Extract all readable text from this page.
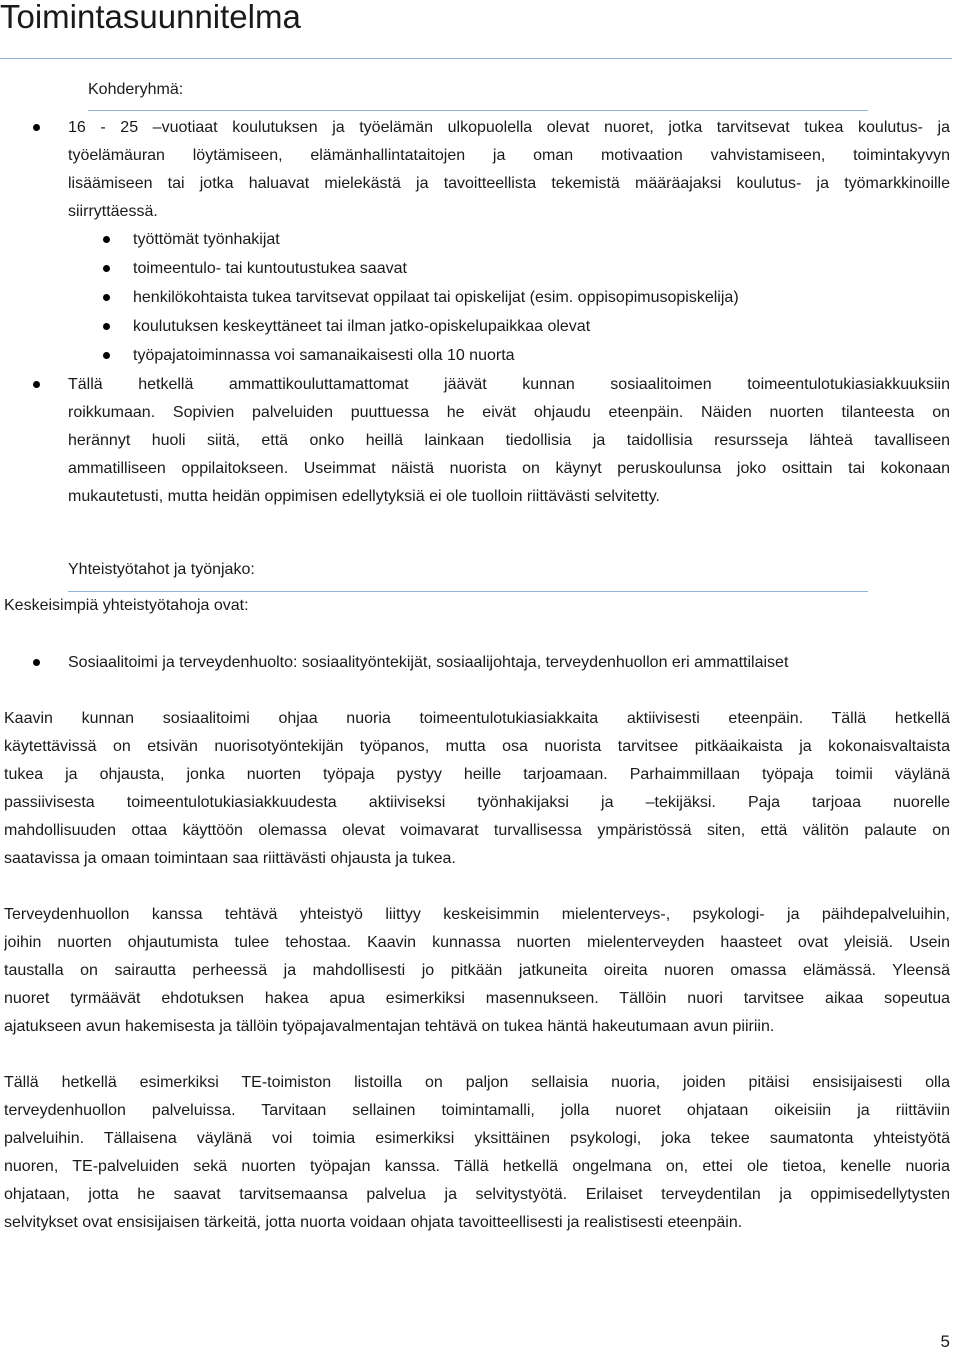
Toimintasuunnitelma
Kohderyhmä:
16 - 25 –vuotiaat koulutuksen ja työelämän ulkopuolella olevat nuoret, jotka tarvitsevat tukea koulutus- ja
työelämäuran löytämiseen, elämänhallintataitojen ja oman motivaation vahvistamiseen, toimintakyvyn
lisäämiseen tai jotka haluavat mielekästä ja tavoitteellista tekemistä määräajaksi koulutus- ja työmarkkinoille
siirryttäessä.
työttömät työnhakijat
toimeentulo- tai kuntoutustukea saavat
henkilökohtaista tukea tarvitsevat oppilaat tai opiskelijat (esim. oppisopimusopiskelija)
koulutuksen keskeyttäneet tai ilman jatko-opiskelupaikkaa olevat
työpajatoiminnassa voi samanaikaisesti olla 10 nuorta
Tällä hetkellä ammattikouluttamattomat jäävät kunnan sosiaalitoimen toimeentulotukiasiakkuuksiin
roikkumaan. Sopivien palveluiden puuttuessa he eivät ohjaudu eteenpäin. Näiden nuorten tilanteesta on
herännyt huoli siitä, että onko heillä lainkaan tiedollisia ja taidollisia resursseja lähteä tavalliseen
ammatilliseen oppilaitokseen. Useimmat näistä nuorista on käynyt peruskoulunsa joko osittain tai kokonaan
mukautetusti, mutta heidän oppimisen edellytyksiä ei ole tuolloin riittävästi selvitetty.
Yhteistyötahot ja työnjako:
Keskeisimpiä yhteistyötahoja ovat:
Sosiaalitoimi ja terveydenhuolto: sosiaalityöntekijät, sosiaalijohtaja, terveydenhuollon eri ammattilaiset
Kaavin kunnan sosiaalitoimi ohjaa nuoria toimeentulotukiasiakkaita aktiivisesti eteenpäin. Tällä hetkellä
käytettävissä on etsivän nuorisotyöntekijän työpanos, mutta osa nuorista tarvitsee pitkäaikaista ja kokonaisvaltaista
tukea ja ohjausta, jonka nuorten työpaja pystyy heille tarjoamaan. Parhaimmillaan työpaja toimii väylänä
passiivisesta toimeentulotukiasiakkuudesta aktiiviseksi työnhakijaksi ja –tekijäksi. Paja tarjoaa nuorelle
mahdollisuuden ottaa käyttöön olemassa olevat voimavarat turvallisessa ympäristössä siten, että välitön palaute on
saatavissa ja omaan toimintaan saa riittävästi ohjausta ja tukea.
Terveydenhuollon kanssa tehtävä yhteistyö liittyy keskeisimmin mielenterveys-, psykologi- ja päihdepalveluihin,
joihin nuorten ohjautumista tulee tehostaa. Kaavin kunnassa nuorten mielenterveyden haasteet ovat yleisiä. Usein
taustalla on sairautta perheessä ja mahdollisesti jo pitkään jatkuneita oireita nuoren omassa elämässä. Yleensä
nuoret tyrmäävät ehdotuksen hakea apua esimerkiksi masennukseen. Tällöin nuori tarvitsee aikaa sopeutua
ajatukseen avun hakemisesta ja tällöin työpajavalmentajan tehtävä on tukea häntä hakeutumaan avun piiriin.
Tällä hetkellä esimerkiksi TE-toimiston listoilla on paljon sellaisia nuoria, joiden pitäisi ensisijaisesti olla
terveydenhuollon palveluissa. Tarvitaan sellainen toimintamalli, jolla nuoret ohjataan oikeisiin ja riittäviin
palveluihin. Tällaisena väylänä voi toimia esimerkiksi yksittäinen psykologi, joka tekee saumatonta yhteistyötä
nuoren, TE-palveluiden sekä nuorten työpajan kanssa. Tällä hetkellä ongelmana on, ettei ole tietoa, kenelle nuoria
ohjataan, jotta he saavat tarvitsemaansa palvelua ja selvitystyötä. Erilaiset terveydentilan ja oppimisedellytysten
selvitykset ovat ensisijaisen tärkeitä, jotta nuorta voidaan ohjata tavoitteellisesti ja realistisesti eteenpäin.
5
